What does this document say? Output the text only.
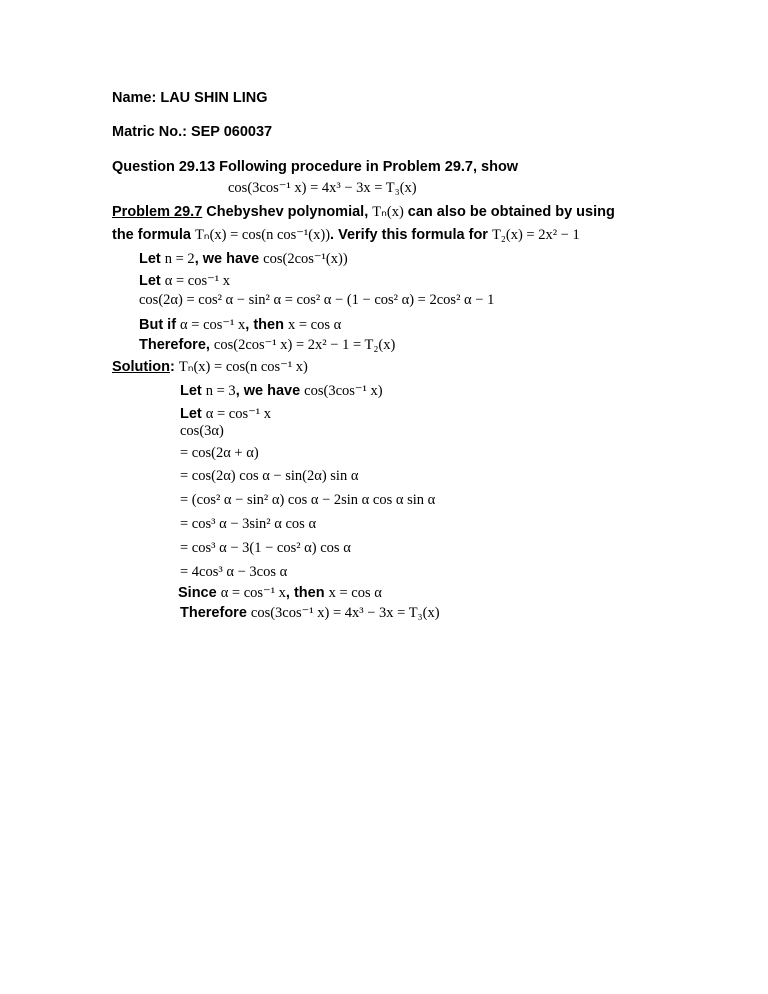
Name: LAU SHIN LING
Matric No.: SEP 060037
Question 29.13 Following procedure in Problem 29.7, show
cos(3cos⁻¹ x) = 4x³ − 3x = T₃(x)
Problem 29.7 Chebyshev polynomial, Tₙ(x) can also be obtained by using
the formula Tₙ(x) = cos(n cos⁻¹(x)). Verify this formula for T₂(x) = 2x² − 1
Let n = 2, we have cos(2cos⁻¹(x))
Let α = cos⁻¹ x
cos(2α) = cos² α − sin² α = cos² α − (1 − cos² α) = 2cos² α − 1
But if α = cos⁻¹ x, then x = cos α
Therefore, cos(2cos⁻¹ x) = 2x² − 1 = T₂(x)
Solution: Tₙ(x) = cos(n cos⁻¹ x)
Let n = 3, we have cos(3cos⁻¹ x)
Let α = cos⁻¹ x
cos(3α)
= cos(2α + α)
= cos(2α) cos α − sin(2α) sin α
= (cos² α − sin² α) cos α − 2sin α cos α sin α
= cos³ α − 3sin² α cos α
= cos³ α − 3(1 − cos² α) cos α
= 4cos³ α − 3cos α
Since α = cos⁻¹ x, then x = cos α
Therefore cos(3cos⁻¹ x) = 4x³ − 3x = T₃(x)
